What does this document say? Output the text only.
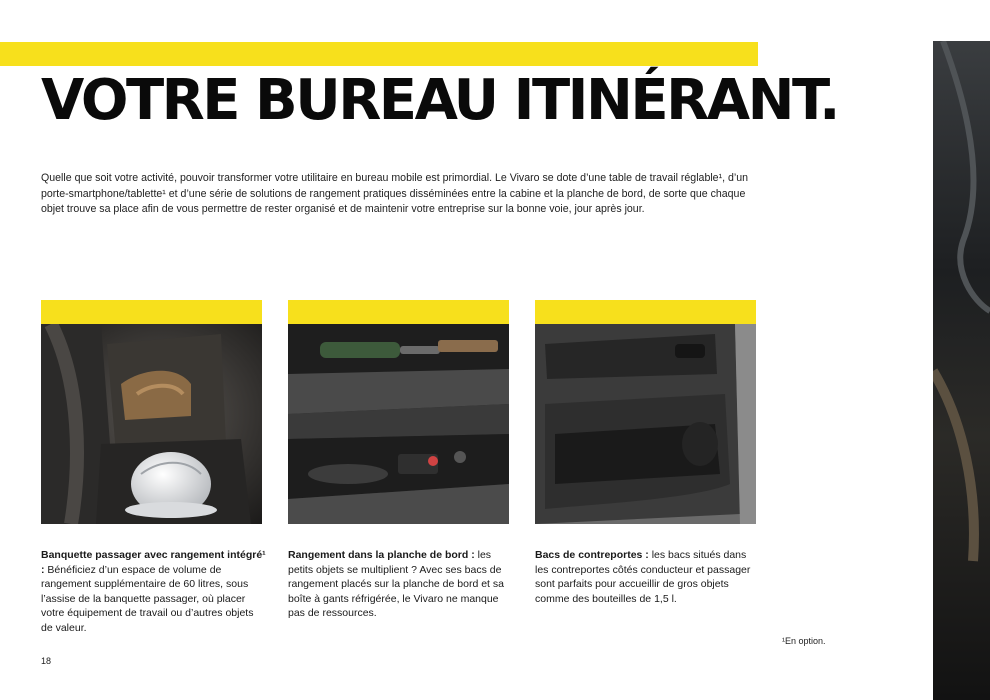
VOTRE BUREAU ITINÉRANT.

Quelle que soit votre activité, pouvoir transformer votre utilitaire en bureau mobile est primordial. Le Vivaro se dote d’une table de travail réglable¹, d’un porte-smartphone/tablette¹ et d’une série de solutions de rangement pratiques disséminées entre la cabine et la planche de bord, de sorte que chaque objet trouve sa place afin de vous permettre de rester organisé et de maintenir votre entreprise sur la bonne voie, jour après jour.

Banquette passager avec rangement intégré¹ : Bénéficiez d’un espace de volume de rangement supplémentaire de 60 litres, sous l’assise de la banquette passager, où placer votre équipement de travail ou d’autres objets de valeur.

Rangement dans la planche de bord : les petits objets se multiplient ? Avec ses bacs de rangement placés sur la planche de bord et sa boîte à gants réfrigérée, le Vivaro ne manque pas de ressources.

Bacs de contreportes : les bacs situés dans les contreportes côtés conducteur et passager sont parfaits pour accueillir de gros objets comme des bouteilles de 1,5 l.

¹En option.
18
